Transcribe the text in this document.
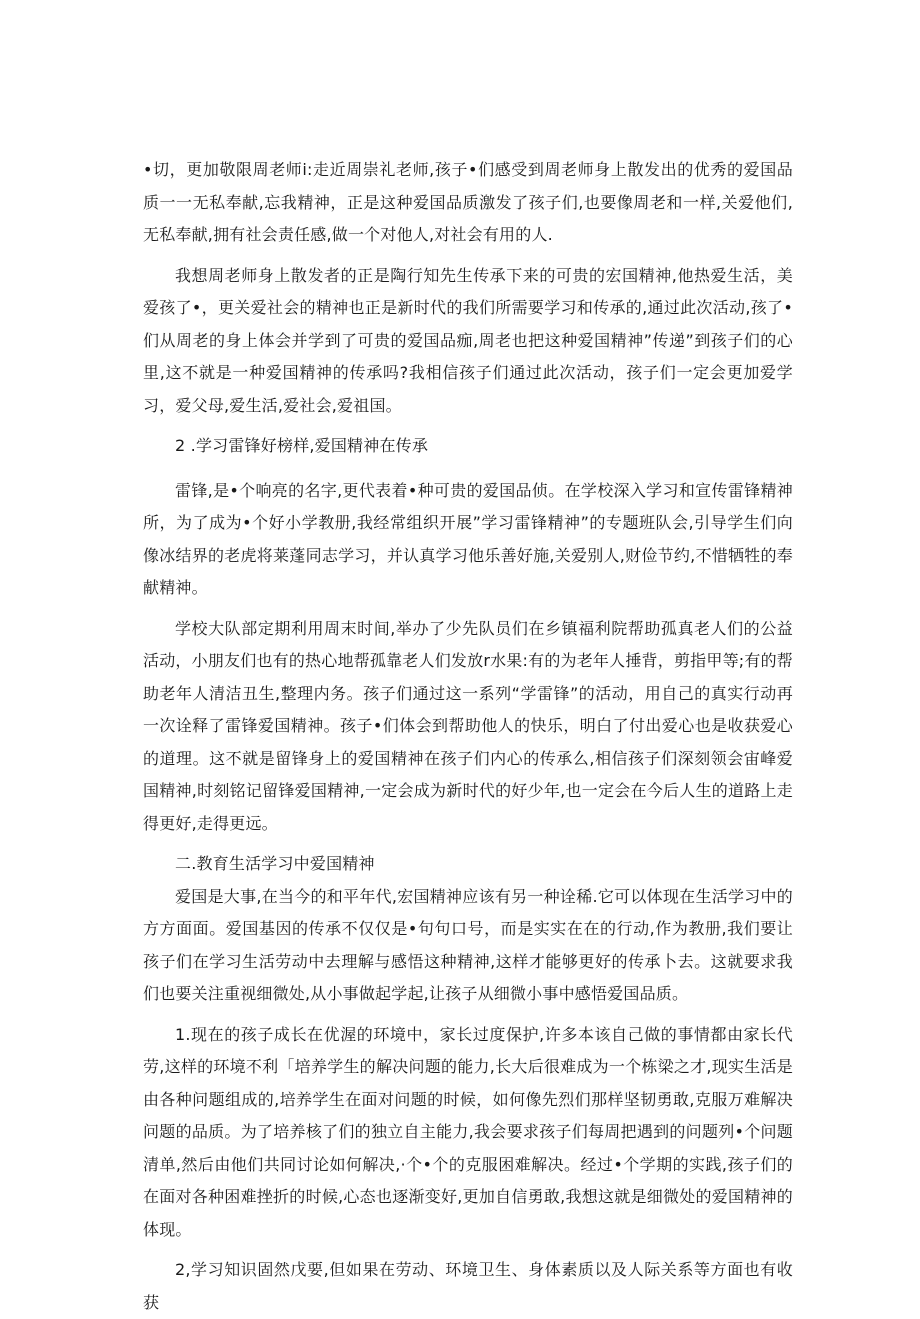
•切，更加敬限周老师i:走近周崇礼老师,孩子•们感受到周老师身上散发出的优秀的爱国品质一一无私奉献,忘我精神，正是这种爱国品质激发了孩子们,也要像周老和一样,关爱他们,无私奉献,拥有社会责任感,做一个对他人,对社会有用的人.

我想周老师身上散发者的正是陶行知先生传承下来的可贵的宏国精神,他热爱生活，美爱孩了•，更关爱社会的精神也正是新时代的我们所需要学习和传承的,通过此次活动,孩了•们从周老的身上体会并学到了可贵的爱国品痂,周老也把这种爱国精神”传递”到孩子们的心里,这不就是一种爱国精神的传承吗?我相信孩子们通过此次活动，孩子们一定会更加爱学习，爱父母,爱生活,爱社会,爱祖国。

2 .学习雷锋好榜样,爱国精神在传承

雷锋,是•个响亮的名字,更代表着•种可贵的爱国品侦。在学校深入学习和宣传雷锋精神所，为了成为•个好小学教册,我经常组织开展”学习雷锋精神”的专题班队会,引导学生们向像冰结界的老虎将莱蓬同志学习，并认真学习他乐善好施,关爱别人,财俭节约,不惜牺牲的奉献精神。

学校大队部定期利用周末时间,举办了少先队员们在乡镇福利院帮助孤真老人们的公益活动，小朋友们也有的热心地帮孤靠老人们发放r水果:有的为老年人捶背，剪指甲等;有的帮助老年人清洁丑生,整理内务。孩子们通过这一系列“学雷锋”的活动，用自己的真实行动再一次诠释了雷锋爱国精神。孩子•们体会到帮助他人的快乐，明白了付出爱心也是收获爱心的道理。这不就是留锋身上的爱国精神在孩子们内心的传承么,相信孩子们深刻领会宙峰爱国精神,时刻铭记留锋爱国精神,一定会成为新时代的好少年,也一定会在今后人生的道路上走得更好,走得更远。

二.教育生活学习中爱国精神

爱国是大事,在当今的和平年代,宏国精神应该有另一种诠稀.它可以体现在生活学习中的方方面面。爱国基因的传承不仅仅是•句句口号，而是实实在在的行动,作为教册,我们要让孩子们在学习生活劳动中去理解与感悟这种精神,这样才能够更好的传承卜去。这就要求我们也要关注重视细微处,从小事做起学起,让孩子从细微小事中感悟爱国品质。

1.现在的孩子成长在优渥的环境中，家长过度保护,许多本该自己做的事情都由家长代劳,这样的环境不利「培养学生的解决问题的能力,长大后很难成为一个栋梁之才,现实生活是由各种问题组成的,培养学生在面对问题的时候，如何像先烈们那样坚韧勇敢,克服万难解决问题的品质。为了培养核了们的独立自主能力,我会要求孩子们每周把遇到的问题列•个问题清单,然后由他们共同讨论如何解决,·个•个的克服困难解决。经过•个学期的实践,孩子们的在面对各种困难挫折的时候,心态也逐渐变好,更加自信勇敢,我想这就是细微处的爱国精神的体现。

2,学习知识固然戊要,但如果在劳动、环境卫生、身体素质以及人际关系等方面也有收获
